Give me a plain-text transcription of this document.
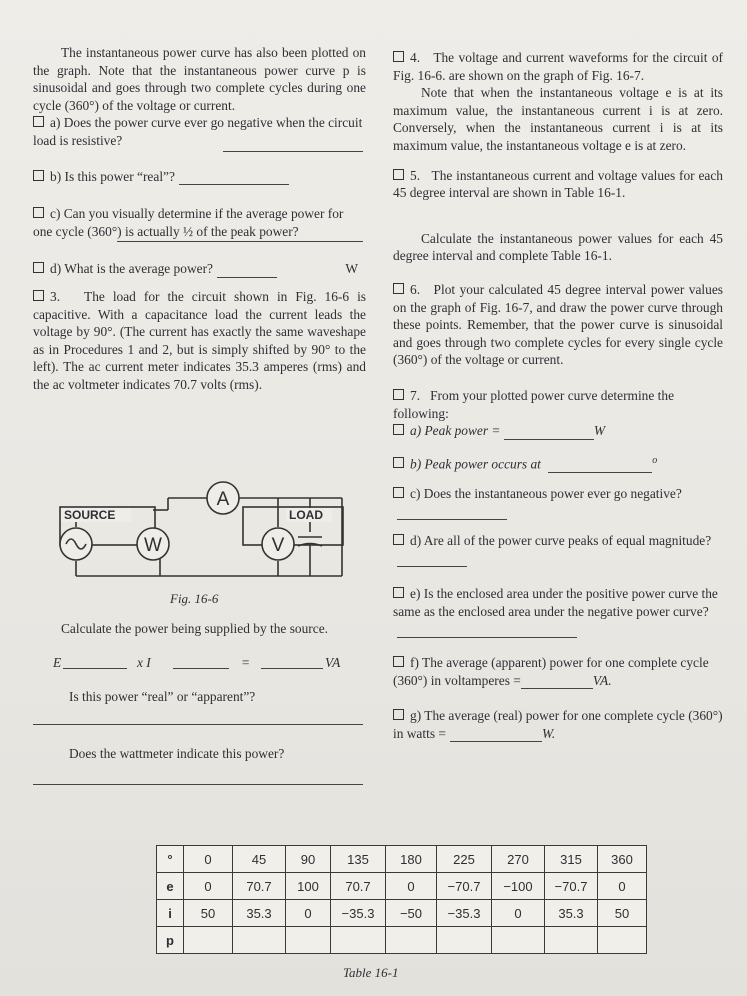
The instantaneous power curve has also been plotted on the graph. Note that the instantaneous power curve p is sinusoidal and goes through two complete cycles during one cycle (360°) of the voltage or current.

a) Does the power curve ever go negative when the circuit load is resistive?
b) Is this power “real”?
c) Can you visually determine if the average power for one cycle (360°) is actually ½ of the peak power?
d) What is the average power?	W
3. The load for the circuit shown in Fig. 16-6 is capacitive. With a capacitance load the current leads the voltage by 90°. (The current has exactly the same waveshape as in Procedures 1 and 2, but is simply shifted by 90° to the left). The ac current meter indicates 35.3 amperes (rms) and the ac voltmeter indicates 70.7 volts (rms).
W
A
V
SOURCE	LOAD
Fig. 16-6

Calculate the power being supplied by the source.

E	x I	=	VA

Is this power “real” or “apparent”?

Does the wattmeter indicate this power?

4. The voltage and current waveforms for the circuit of Fig. 16-6. are shown on the graph of Fig. 16-7.

Note that when the instantaneous voltage e is at its maximum value, the instantaneous current i is at zero. Conversely, when the instantaneous current i is at its maximum value, the instantaneous voltage e is at zero.

5. The instantaneous current and voltage values for each 45 degree interval are shown in Table 16-1.

Calculate the instantaneous power values for each 45 degree interval and complete Table 16-1.

6. Plot your calculated 45 degree interval power values on the graph of Fig. 16-7, and draw the power curve through these points. Remember, that the power curve is sinusoidal and goes through two complete cycles for every single cycle (360°) of the voltage or current.
7. From your plotted power curve determine the following:
a) Peak power =	W
b) Peak power occurs at	$^o$
c) Does the instantaneous power ever go negative?
d) Are all of the power curve peaks of equal magnitude?
e) Is the enclosed area under the positive power curve the same as the enclosed area under the negative power curve?
f) The average (apparent) power for one complete cycle (360°) in voltamperes =	VA.
g) The average (real) power for one complete cycle (360°) in watts =	W.
°	0	45	90	135	180	225	270	315	360
e	0	70.7	100	70.7	0	−70.7	−100	−70.7	0
i	50	35.3	0	−35.3	−50	−35.3	0	35.3	50
p									
Table 16-1
